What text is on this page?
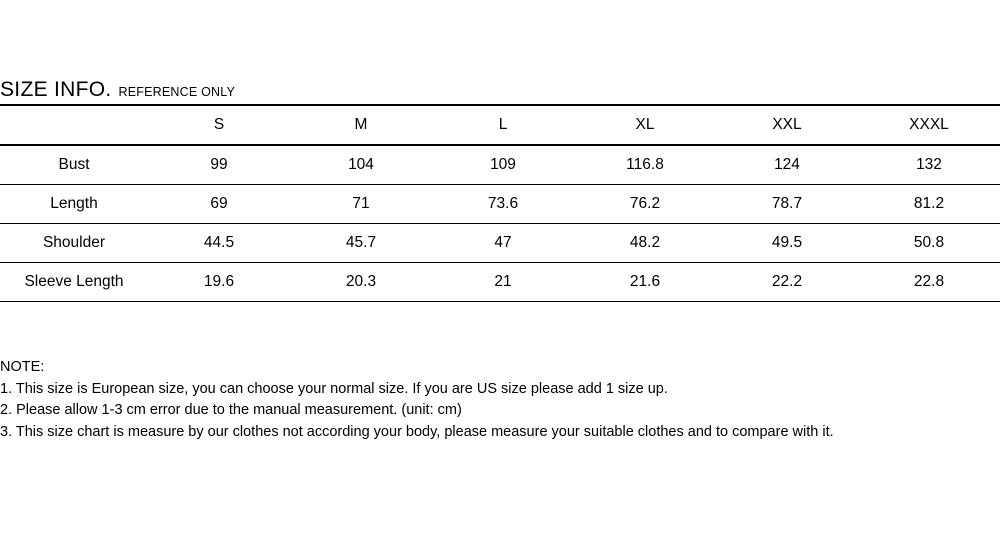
SIZE INFO. REFERENCE ONLY
	S	M	L	XL	XXL	XXXL
Bust	99	104	109	116.8	124	132
Length	69	71	73.6	76.2	78.7	81.2
Shoulder	44.5	45.7	47	48.2	49.5	50.8
Sleeve Length	19.6	20.3	21	21.6	22.2	22.8
NOTE:
1. This size is European size, you can choose your normal size. If you are US size please add 1 size up.
2. Please allow 1-3 cm error due to the manual measurement. (unit: cm)
3. This size chart is measure by our clothes not according your body, please measure your suitable clothes and to compare with it.
